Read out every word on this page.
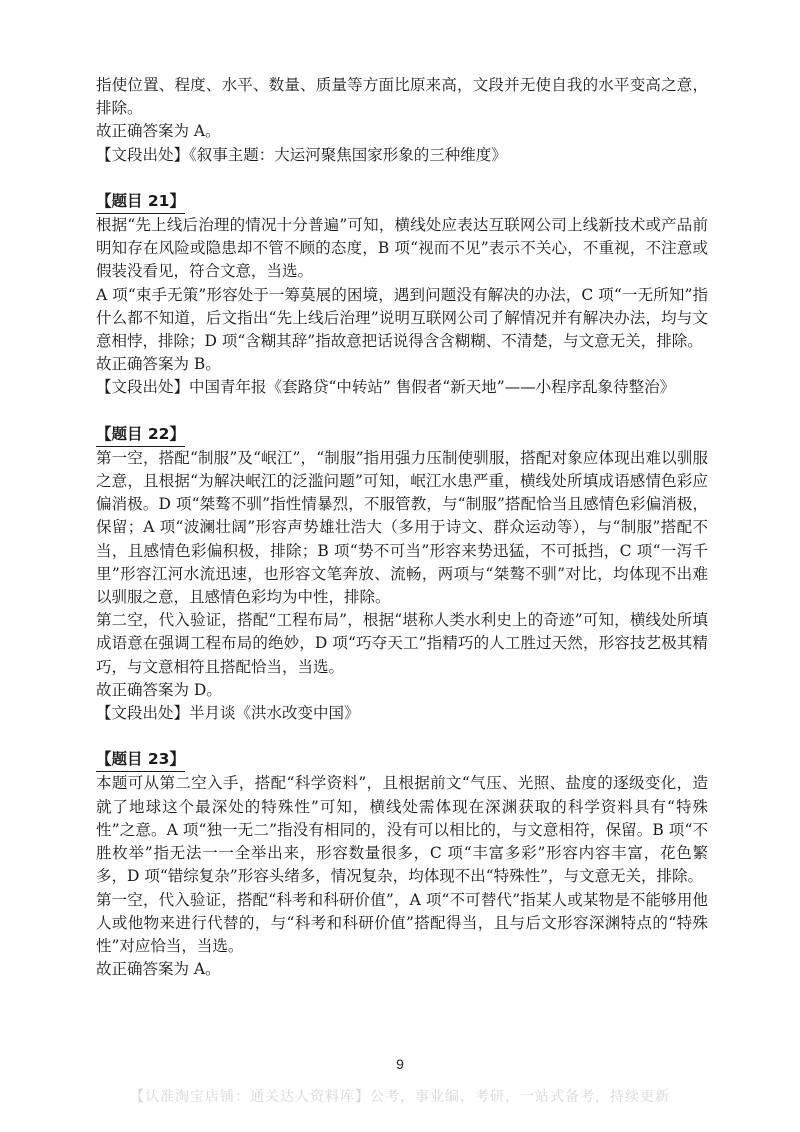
指使位置、程度、水平、数量、质量等方面比原来高，文段并无使自我的水平变高之意，排除。

故正确答案为 A。

【文段出处】《叙事主题：大运河聚焦国家形象的三种维度》

【题目 21】

根据“先上线后治理的情况十分普遍”可知，横线处应表达互联网公司上线新技术或产品前明知存在风险或隐患却不管不顾的态度，B 项“视而不见”表示不关心，不重视，不注意或假装没看见，符合文意，当选。

A 项“束手无策”形容处于一筹莫展的困境，遇到问题没有解决的办法，C 项“一无所知”指什么都不知道，后文指出“先上线后治理”说明互联网公司了解情况并有解决办法，均与文意相悖，排除；D 项“含糊其辞”指故意把话说得含含糊糊、不清楚，与文意无关，排除。

故正确答案为 B。

【文段出处】中国青年报《套路贷“中转站” 售假者“新天地”——小程序乱象待整治》

【题目 22】

第一空，搭配“制服”及“岷江”，“制服”指用强力压制使驯服，搭配对象应体现出难以驯服之意，且根据“为解决岷江的泛滥问题”可知，岷江水患严重，横线处所填成语感情色彩应偏消极。D 项“桀骜不驯”指性情暴烈，不服管教，与“制服”搭配恰当且感情色彩偏消极，保留；A 项“波澜壮阔”形容声势雄壮浩大（多用于诗文、群众运动等），与“制服”搭配不当，且感情色彩偏积极，排除；B 项“势不可当”形容来势迅猛，不可抵挡，C 项“一泻千里”形容江河水流迅速，也形容文笔奔放、流畅，两项与“桀骜不驯”对比，均体现不出难以驯服之意，且感情色彩均为中性，排除。

第二空，代入验证，搭配“工程布局”，根据“堪称人类水利史上的奇迹”可知，横线处所填成语意在强调工程布局的绝妙，D 项“巧夺天工”指精巧的人工胜过天然，形容技艺极其精巧，与文意相符且搭配恰当，当选。

故正确答案为 D。

【文段出处】半月谈《洪水改变中国》

【题目 23】

本题可从第二空入手，搭配“科学资料”，且根据前文“气压、光照、盐度的逐级变化，造就了地球这个最深处的特殊性”可知，横线处需体现在深渊获取的科学资料具有“特殊性”之意。A 项“独一无二”指没有相同的，没有可以相比的，与文意相符，保留。B 项“不胜枚举”指无法一一全举出来，形容数量很多，C 项“丰富多彩”形容内容丰富，花色繁多，D 项“错综复杂”形容头绪多，情况复杂，均体现不出“特殊性”，与文意无关，排除。

第一空，代入验证，搭配“科考和科研价值”，A 项“不可替代”指某人或某物是不能够用他人或他物来进行代替的，与“科考和科研价值”搭配得当，且与后文形容深渊特点的“特殊性”对应恰当，当选。

故正确答案为 A。

9
【认准淘宝店铺：通关达人资料库】公考，事业编，考研，一站式备考，持续更新
